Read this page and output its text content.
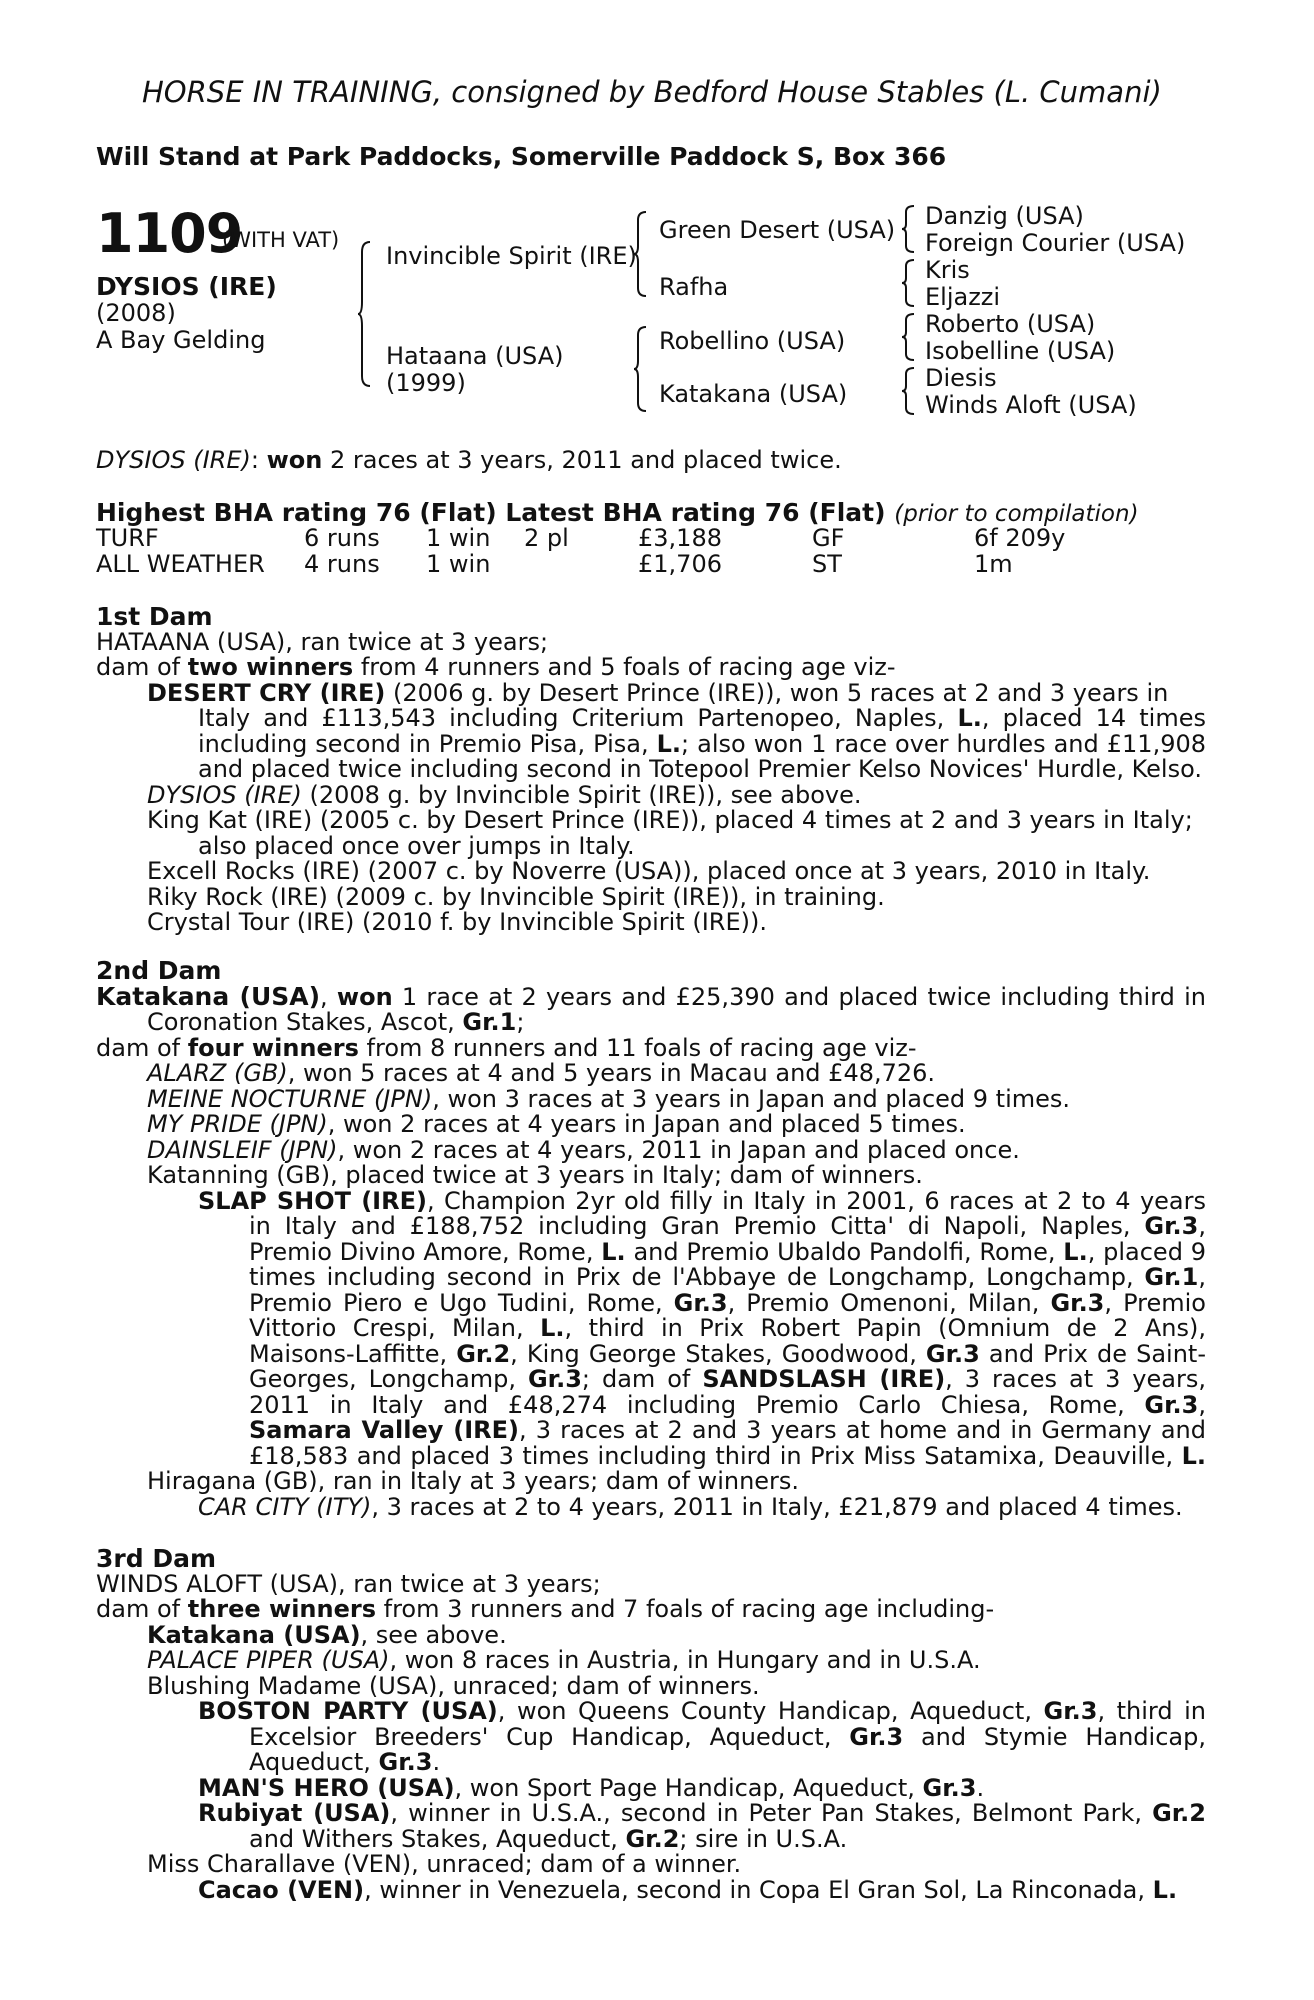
HORSE IN TRAINING, consigned by Bedford House Stables (L. Cumani)
Will Stand at Park Paddocks, Somerville Paddock S, Box 366
1109
(WITH VAT)
DYSIOS (IRE)
(2008)
A Bay Gelding
Invincible Spirit (IRE)
Hataana (USA)
(1999)
Green Desert (USA)
Rafha
Robellino (USA)
Katakana (USA)
Danzig (USA)
Foreign Courier (USA)
Kris
Eljazzi
Roberto (USA)
Isobelline (USA)
Diesis
Winds Aloft (USA)
DYSIOS (IRE): won 2 races at 3 years, 2011 and placed twice.
Highest BHA rating 76 (Flat) Latest BHA rating 76 (Flat) (prior to compilation)
TURF	6 runs 1 win 2 pl	£3,188	GF	6f 209y
ALL WEATHER 4 runs 1 win	£1,706	ST	1m
1st Dam
HATAANA (USA), ran twice at 3 years;
dam of two winners from 4 runners and 5 foals of racing age viz-
DESERT CRY (IRE) (2006 g. by Desert Prince (IRE)), won 5 races at 2 and 3 years in
Italy and £113,543 including Criterium Partenopeo, Naples, L., placed 14 times
including second in Premio Pisa, Pisa, L.; also won 1 race over hurdles and £11,908
and placed twice including second in Totepool Premier Kelso Novices' Hurdle, Kelso.
DYSIOS (IRE) (2008 g. by Invincible Spirit (IRE)), see above.
King Kat (IRE) (2005 c. by Desert Prince (IRE)), placed 4 times at 2 and 3 years in Italy;
also placed once over jumps in Italy.
Excell Rocks (IRE) (2007 c. by Noverre (USA)), placed once at 3 years, 2010 in Italy.
Riky Rock (IRE) (2009 c. by Invincible Spirit (IRE)), in training.
Crystal Tour (IRE) (2010 f. by Invincible Spirit (IRE)).
2nd Dam
Katakana (USA), won 1 race at 2 years and £25,390 and placed twice including third in
Coronation Stakes, Ascot, Gr.1;
dam of four winners from 8 runners and 11 foals of racing age viz-
ALARZ (GB), won 5 races at 4 and 5 years in Macau and £48,726.
MEINE NOCTURNE (JPN), won 3 races at 3 years in Japan and placed 9 times.
MY PRIDE (JPN), won 2 races at 4 years in Japan and placed 5 times.
DAINSLEIF (JPN), won 2 races at 4 years, 2011 in Japan and placed once.
Katanning (GB), placed twice at 3 years in Italy; dam of winners.
SLAP SHOT (IRE), Champion 2yr old filly in Italy in 2001, 6 races at 2 to 4 years
in Italy and £188,752 including Gran Premio Citta' di Napoli, Naples, Gr.3,
Premio Divino Amore, Rome, L. and Premio Ubaldo Pandolfi, Rome, L., placed 9
times including second in Prix de l'Abbaye de Longchamp, Longchamp, Gr.1,
Premio Piero e Ugo Tudini, Rome, Gr.3, Premio Omenoni, Milan, Gr.3, Premio
Vittorio Crespi, Milan, L., third in Prix Robert Papin (Omnium de 2 Ans),
Maisons-Laffitte, Gr.2, King George Stakes, Goodwood, Gr.3 and Prix de Saint-
Georges, Longchamp, Gr.3; dam of SANDSLASH (IRE), 3 races at 3 years,
2011 in Italy and £48,274 including Premio Carlo Chiesa, Rome, Gr.3,
Samara Valley (IRE), 3 races at 2 and 3 years at home and in Germany and
£18,583 and placed 3 times including third in Prix Miss Satamixa, Deauville, L.
Hiragana (GB), ran in Italy at 3 years; dam of winners.
CAR CITY (ITY), 3 races at 2 to 4 years, 2011 in Italy, £21,879 and placed 4 times.
3rd Dam
WINDS ALOFT (USA), ran twice at 3 years;
dam of three winners from 3 runners and 7 foals of racing age including-
Katakana (USA), see above.
PALACE PIPER (USA), won 8 races in Austria, in Hungary and in U.S.A.
Blushing Madame (USA), unraced; dam of winners.
BOSTON PARTY (USA), won Queens County Handicap, Aqueduct, Gr.3, third in
Excelsior Breeders' Cup Handicap, Aqueduct, Gr.3 and Stymie Handicap,
Aqueduct, Gr.3.
MAN'S HERO (USA), won Sport Page Handicap, Aqueduct, Gr.3.
Rubiyat (USA), winner in U.S.A., second in Peter Pan Stakes, Belmont Park, Gr.2
and Withers Stakes, Aqueduct, Gr.2; sire in U.S.A.
Miss Charallave (VEN), unraced; dam of a winner.
Cacao (VEN), winner in Venezuela, second in Copa El Gran Sol, La Rinconada, L.
